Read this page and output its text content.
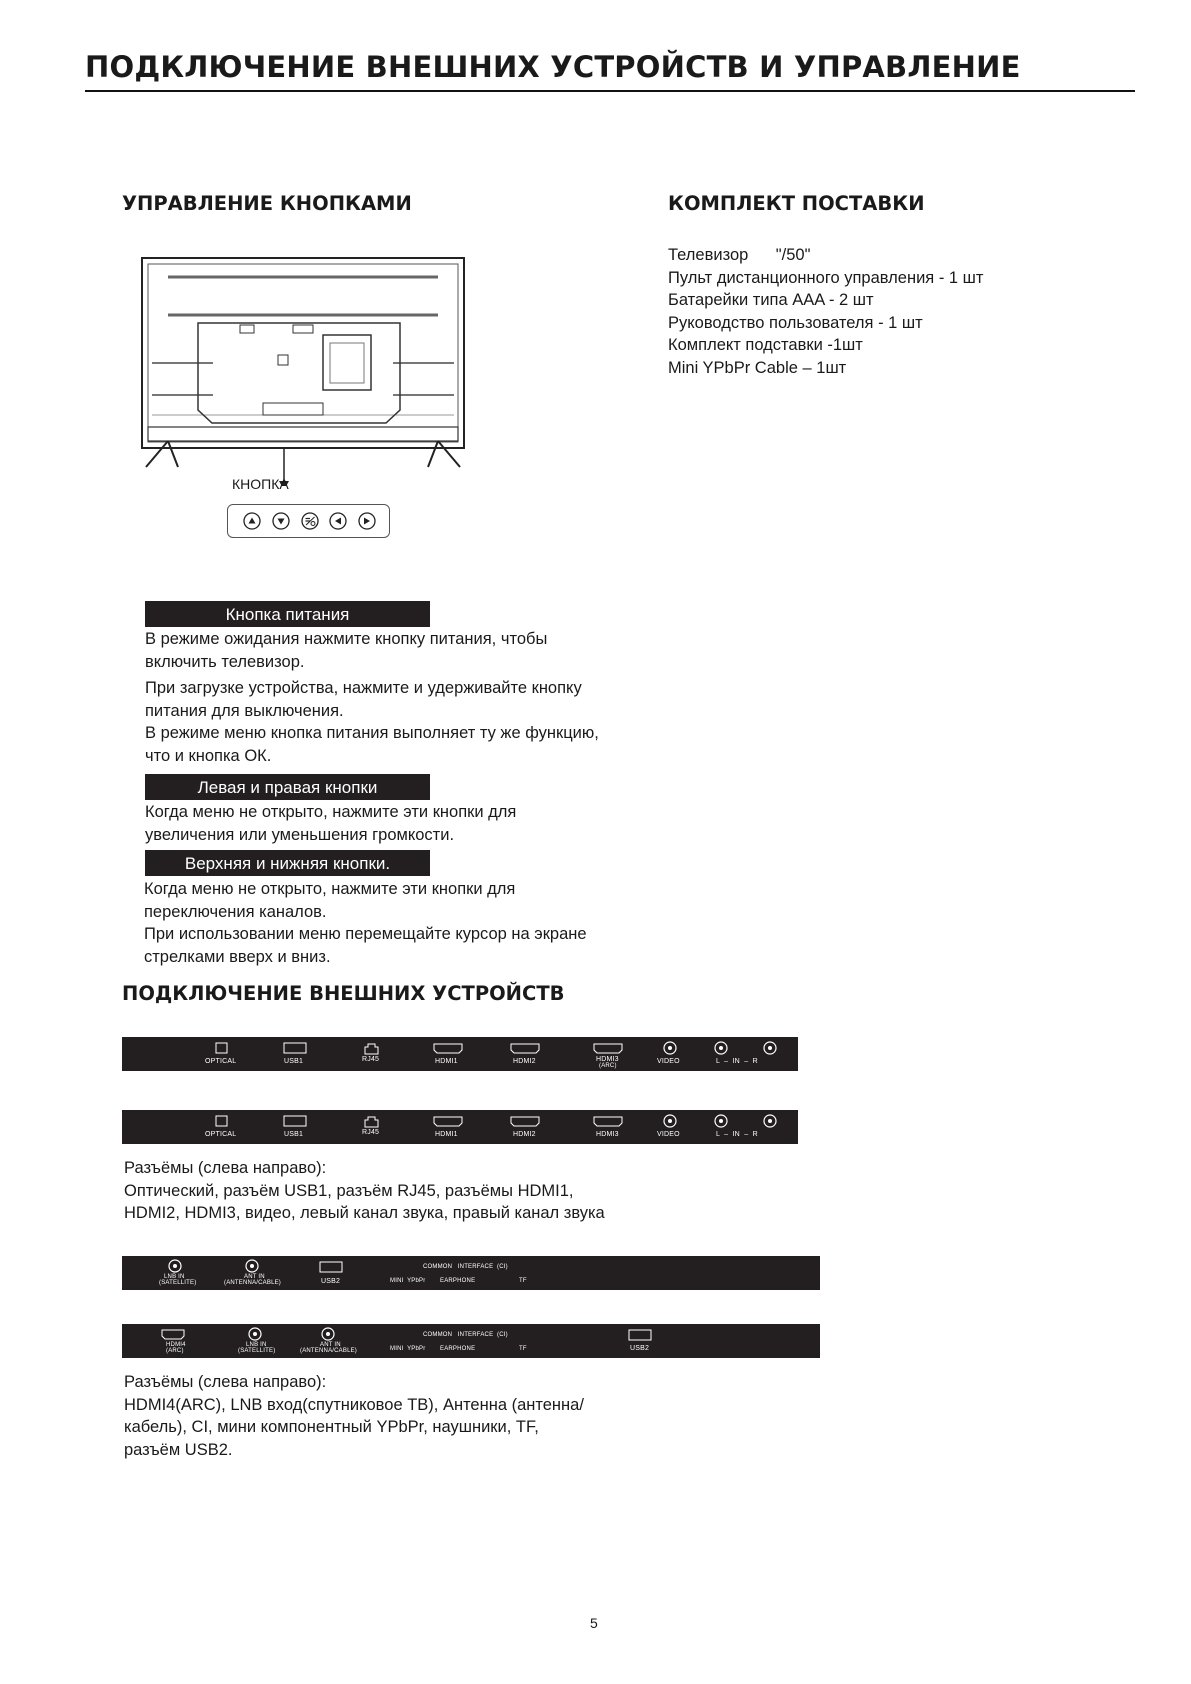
ПОДКЛЮЧЕНИЕ ВНЕШНИХ УСТРОЙСТВ И УПРАВЛЕНИЕ
УПРАВЛЕНИЕ КНОПКАМИ	КОМПЛЕКТ ПОСТАВКИ
Телевизор      "/50"
Пульт дистанционного управления - 1 шт
Батарейки типа AAA - 2 шт
Руководство пользователя - 1 шт
Комплект подставки -1шт
Mini YPbPr Cable – 1шт
КНОПКА
Кнопка питания

В режиме ожидания нажмите кнопку питания, чтобы

включить телевизор.

При загрузке устройства, нажмите и удерживайте кнопку

питания для выключения.

В режиме меню кнопка питания выполняет ту же функцию,

что и кнопка ОК.

Левая и правая кнопки

Когда меню не открыто, нажмите эти кнопки для

увеличения или уменьшения громкости.

Верхняя и нижняя кнопки.

Когда меню не открыто, нажмите эти кнопки для

переключения каналов.

При использовании меню перемещайте курсор на экране

стрелками вверх и вниз.

ПОДКЛЮЧЕНИЕ ВНЕШНИХ УСТРОЙСТВ
OPTICAL	USB1	RJ45	HDMI1	HDMI2	HDMI3
(ARC)
VIDEO	L  –  IN  –  R
OPTICAL	USB1	RJ45	HDMI1	HDMI2	HDMI3	VIDEO	L  –  IN  –  R

Разъёмы (слева направо):

Оптический, разъём USB1, разъём RJ45, разъёмы HDMI1,

HDMI2, HDMI3, видео, левый канал звука, правый канал звука

LNB IN
(SATELLITE)
ANT IN
(ANTENNA/CABLE)	USB2
COMMON   INTERFACE  (CI)
MINI  YPbPr EARPHONE	TF
HDMI4
(ARC)
LNB IN
(SATELLITE)
ANT IN
(ANTENNA/CABLE)
COMMON   INTERFACE  (CI)
MINI  YPbPr EARPHONE	TF	USB2

Разъёмы (слева направо):

HDMI4(ARC), LNB вход(спутниковое ТВ), Антенна (антенна/

кабель), CI, мини компонентный YPbPr, наушники, TF,

разъём USB2.

5
